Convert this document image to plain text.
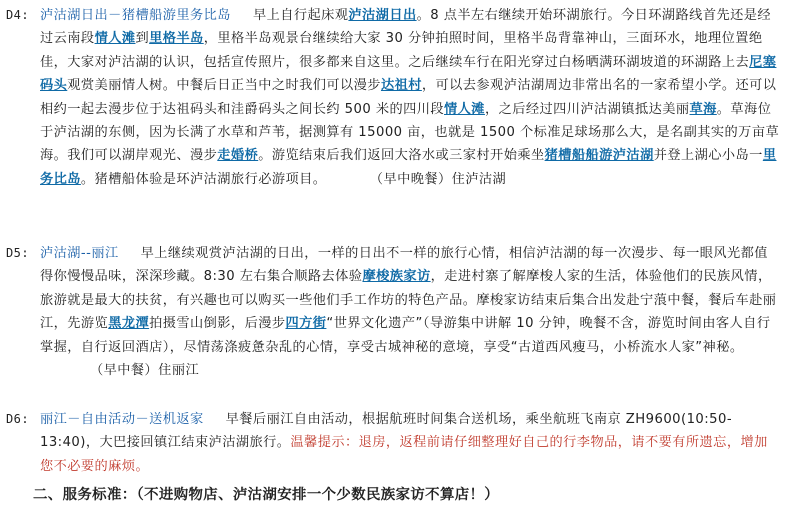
D4: 泸沽湖日出－猪槽船游里务比岛 早上自行起床观泸沽湖日出。8 点半左右继续开始环湖旅行。今日环湖路线首先还是经过云南段情人滩到里格半岛，里格半岛观景台继续给大家 30 分钟拍照时间，里格半岛背靠神山，三面环水，地理位置绝佳，大家对泸沽湖的认识，包括宣传照片，很多都来自这里。之后继续车行在阳光穿过白杨晒满环湖坡道的环湖路上去尼塞码头观赏美丽情人树。中餐后日正当中之时我们可以漫步达祖村，可以去参观泸沽湖周边非常出名的一家希望小学。还可以相约一起去漫步位于达祖码头和洼爵码头之间长约 500 米的四川段情人滩，之后经过四川泸沽湖镇抵达美丽草海。草海位于泸沽湖的东侧，因为长满了水草和芦苇，据测算有 15000 亩，也就是 1500 个标准足球场那么大，是名副其实的万亩草海。我们可以湖岸观光、漫步走婚桥。游览结束后我们返回大洛水或三家村开始乘坐猪槽船船游泸沽湖并登上湖心小岛一里务比岛。猪槽船体验是环泸沽湖旅行必游项目。	（早中晚餐）住泸沽湖
D5: 泸沽湖--丽江 早上继续观赏泸沽湖的日出，一样的日出不一样的旅行心情，相信泸沽湖的每一次漫步、每一眼风光都值得你慢慢品味，深深珍藏。8:30 左右集合顺路去体验摩梭族家访，走进村寨了解摩梭人家的生活，体验他们的民族风情，旅游就是最大的扶贫，有兴趣也可以购买一些他们手工作坊的特色产品。摩梭家访结束后集合出发赴宁蒗中餐，餐后车赴丽江，先游览黑龙潭拍摄雪山倒影，后漫步四方街“世界文化遗产”（导游集中讲解 10 分钟，晚餐不含，游览时间由客人自行掌握，自行返回酒店），尽情荡涤疲惫杂乱的心情，享受古城神秘的意境，享受“古道西风瘦马，小桥流水人家”神秘。（早中餐）住丽江
D6: 丽江－自由活动－送机返家 早餐后丽江自由活动，根据航班时间集合送机场，乘坐航班飞南京 ZH9600(10:50-13:40)，大巴接回镇江结束泸沽湖旅行。温馨提示：退房，返程前请仔细整理好自己的行李物品，请不要有所遗忘，增加您不必要的麻烦。
二、服务标准：（不进购物店、泸沽湖安排一个少数民族家访不算店！）
